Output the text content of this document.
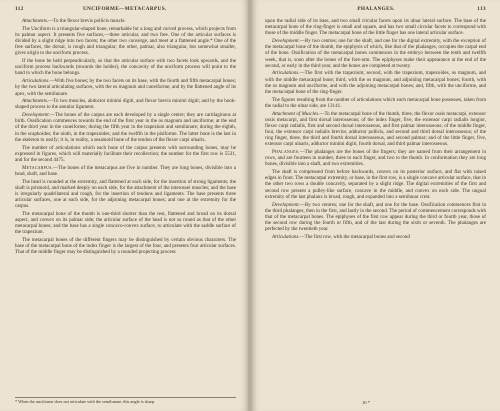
112	UNCIFORME—METACARPUS.

Attachments.—To the flexor brevis pollicis muscle.

The Unciform is a triangular-shaped bone, remarkable for a long and curved process, which projects from its palmar aspect. It presents five surfaces,—three articular, and two free. One of the articular surfaces is divided by a slight ridge into two facets; the other two converge, and meet at a flattened angle.* One of the free surfaces, the dorsal, is rough and triangular; the other, palmar, also triangular, but somewhat smaller, gives origin to the unciform process.

If the bone be held perpendicularly, so that the articular surface with two facets look upwards, and the unciform process backwards (towards the holder), the concavity of the unciform process will point to the hand to which the bone belongs.

Articulations.—With five bones; by the two facets on its base, with the fourth and fifth metacarpal bones; by the two lateral articulating surfaces, with the os magnum and cuneiforme; and by the flattened angle of its apex, with the semilunare.

Attachments.—To two muscles, abductor minimi digiti, and flexor brevis minimi digiti; and by the hook-shaped process to the annular ligament.

Development.—The bones of the carpus are each developed by a single centre; they are cartilaginous at birth. Ossification commences towards the end of the first year in the os magnum and unciforme; at the end of the third year in the cuneiforme; during the fifth year in the trapezium and semilunare; during the eighth, in the scaphoides; the ninth, in the trapezoides; and the twelfth in the pisiforme. The latter bone is the last in the skeleton to ossify; it is, in reality, a sesamoid bone of the tendon of the flexor carpi ulnaris.

The number of articulations which each bone of the carpus presents with surrounding bones, may be expressed in figures, which will materially facilitate their recollection; the number for the first row is 5531, and for the second 4475.

Metacarpus.—The bones of the metacarpus are five in number. They are long bones, divisible into a head, shaft, and base.

The head is rounded at the extremity, and flattened at each side, for the insertion of strong ligaments; the shaft is prismoid, and marked deeply on each side, for the attachment of the interossei muscles; and the base is irregularly quadrilateral and rough, for the insertion of tendons and ligaments. The base presents three articular surfaces, one at each side, for the adjoining metacarpal bones; and one at the extremity for the carpus.

The metacarpal bone of the thumb is one-third shorter than the rest, flattened and broad on its dorsal aspect, and convex on its palmar side; the articular surface of the head is not so round as that of the other metacarpal bones; and the base has a single concavo-convex surface, to articulate with the saddle surface of the trapezium.

The metacarpal bones of the different fingers may be distinguished by certain obvious characters. The base of the metacarpal bone of the index finger is the largest of the four, and presents four articular surfaces. That of the middle finger may be distinguished by a rounded projecting process

* When the unciforme does not articulate with the semilunare, this angle is sharp.
PHALANGES.	113

upon the radial side of its base, and two small circular facets upon its ulnar lateral surface. The base of the metacarpal bone of the ring-finger is small and square, and has two small circular facets to correspond with those of the middle finger. The metacarpal bone of the little finger has one lateral articular surface.

Development.—By two centres; one for the shaft, and one for the digital extremity, with the exception of the metacarpal bone of the thumb, the epiphysis of which, like that of the phalanges, occupies the carpal end of the bone. Ossification of the metacarpal bones commences in the embryo between the tenth and twelfth week, that is, soon after the bones of the fore-arm. The epiphyses make their appearance at the end of the second, or early in the third year, and the bones are completed at twenty.

Articulations.—The first with the trapezium; second, with the trapezium, trapezoides, os magnum, and with the middle metacarpal bone; third, with the os magnum, and adjoining metacarpal bones; fourth, with the os magnum and unciforme, and with the adjoining metacarpal bones; and, fifth, with the unciforme, and the metacarpal bone of the ring-finger.

The figures resulting from the number of articulations which each metacarpal bone possesses, taken from the radial to the ulnar side, are 13141.

Attachment of Muscles.—To the metacarpal bone of the thumb, three, the flexor ossis metacarpi, extensor ossis metacarpi, and first dorsal interosseous; of the index finger, five, the extensor carpi radialis longior, flexor carpi radialis, first and second dorsal interosseous, and first palmar interosseous; of the middle finger, four, the extensor carpi radialis brevior, adductor pollicis, and second and third dorsal interosseous; of the ring finger, three, the third and fourth dorsal interosseous, and second palmar; and of the little finger, five, extensor carpi ulnaris, adductor minimi digiti, fourth dorsal, and third palmar interosseous.

Phalanges.—The phalanges are the bones of the fingers; they are named from their arrangement in rows, and are fourteen in number, three to each finger, and two to the thumb. In conformation they are long bones, divisible into a shaft, and two extremities.

The shaft is compressed from before backwards, convex on its posterior surface, and flat with raised edges in front. The metacarpal extremity, or base, in the first row, is a single concave articular surface, that in the other two rows a double concavity, separated by a slight ridge. The digital extremities of the first and second row present a pulley-like surface, concave in the middle, and convex on each side. The ungual extremity of the last phalanx is broad, rough, and expanded into a semilunar crest.

Development.—By two centres; one for the shaft, and one for the base. Ossification commences first in the third phalanges, then in the first, and lastly in the second. The period of commencement corresponds with that of the metacarpal bones. The epiphyses of the first row appear during the third or fourth year, those of the second row during the fourth or fifth, and of the last during the sixth or seventh. The phalanges are perfected by the twentieth year.

Articulations.—The first row, with the metacarpal bones and second

10 *
